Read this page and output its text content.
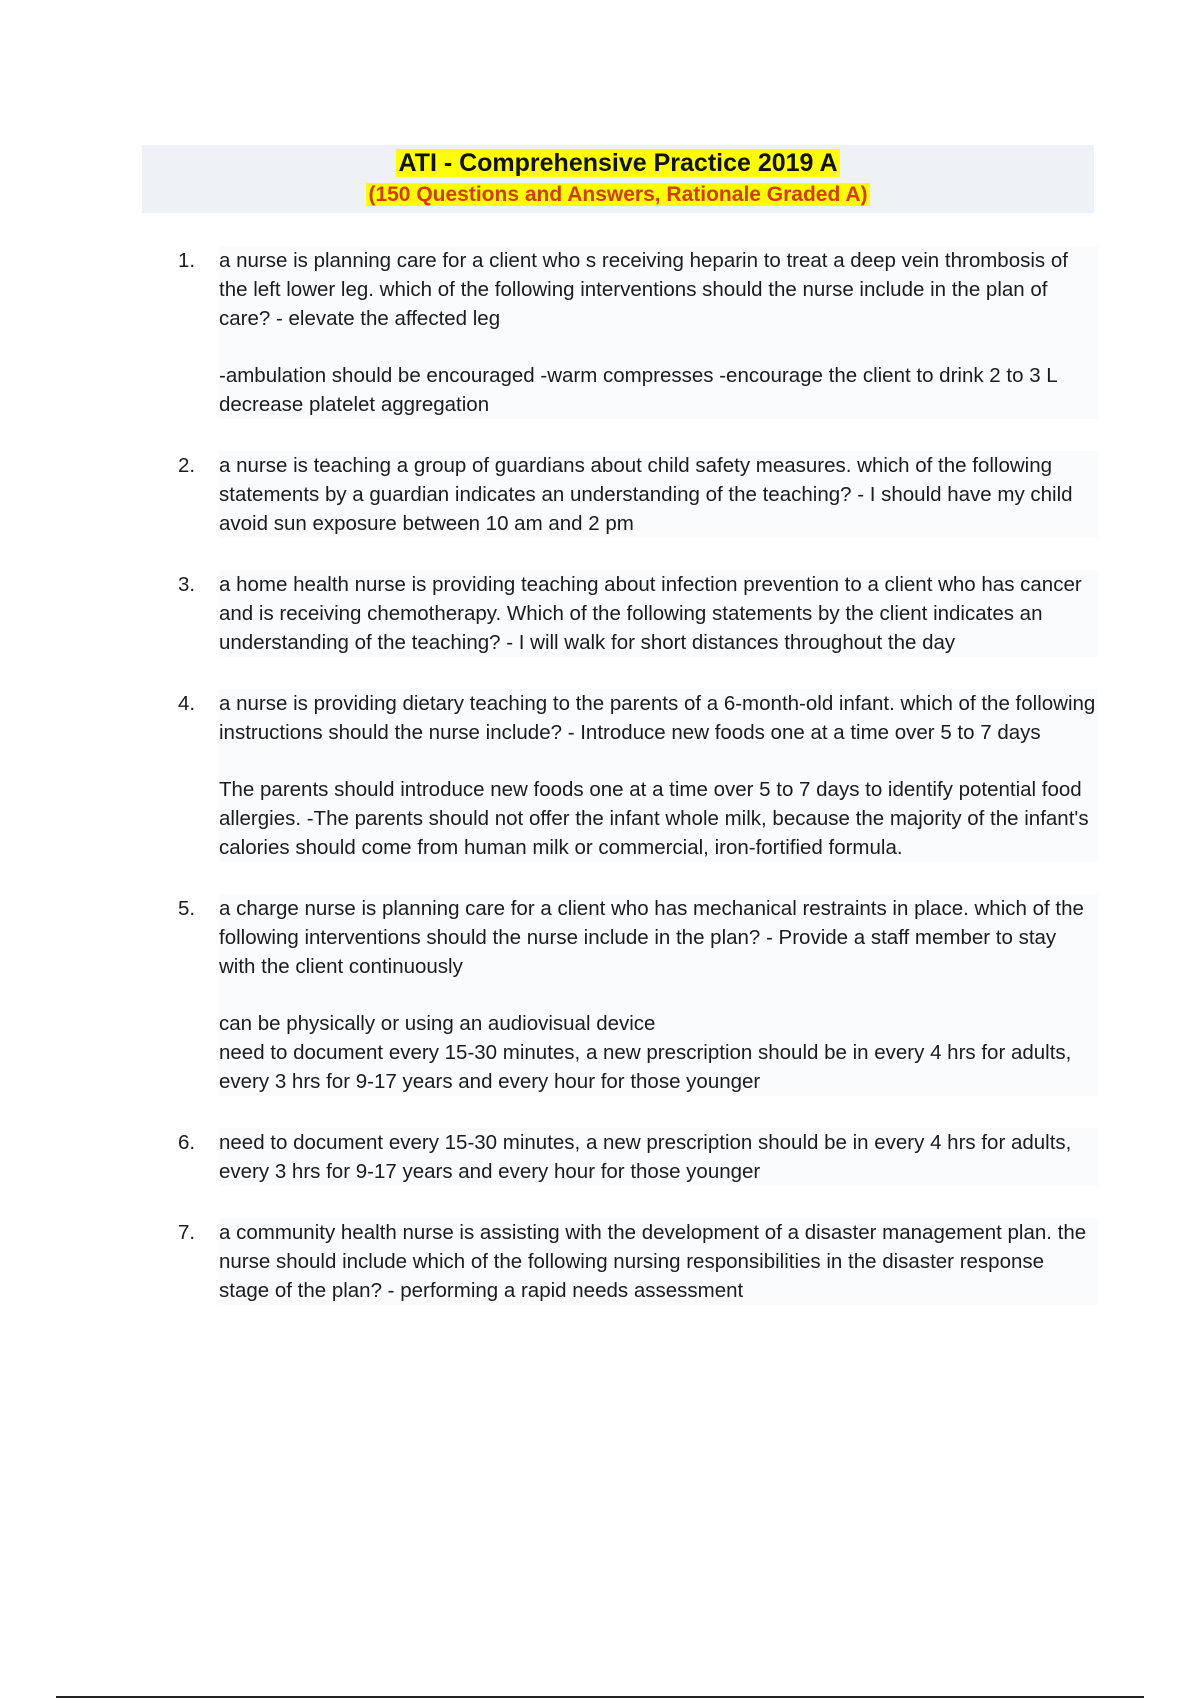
ATI - Comprehensive Practice 2019 A
(150 Questions and Answers, Rationale Graded A)
1.	a nurse is planning care for a client who s receiving heparin to treat a deep vein thrombosis of the left lower leg. which of the following interventions should the nurse include in the plan of care? - elevate the affected leg

-ambulation should be encouraged -warm compresses -encourage the client to drink 2 to 3 L decrease platelet aggregation

2.	a nurse is teaching a group of guardians about child safety measures. which of the following statements by a guardian indicates an understanding of the teaching? - I should have my child avoid sun exposure between 10 am and 2 pm

3.	a home health nurse is providing teaching about infection prevention to a client who has cancer and is receiving chemotherapy. Which of the following statements by the client indicates an understanding of the teaching? - I will walk for short distances throughout the day

4.	a nurse is providing dietary teaching to the parents of a 6-month-old infant. which of the following instructions should the nurse include? - Introduce new foods one at a time over 5 to 7 days

The parents should introduce new foods one at a time over 5 to 7 days to identify potential food allergies. -The parents should not offer the infant whole milk, because the majority of the infant's calories should come from human milk or commercial, iron-fortified formula.

5.	a charge nurse is planning care for a client who has mechanical restraints in place. which of the following interventions should the nurse include in the plan? - Provide a staff member to stay with the client continuously

can be physically or using an audiovisual device
need to document every 15-30 minutes, a new prescription should be in every 4 hrs for adults, every 3 hrs for 9-17 years and every hour for those younger

6.	need to document every 15-30 minutes, a new prescription should be in every 4 hrs for adults, every 3 hrs for 9-17 years and every hour for those younger

7.	a community health nurse is assisting with the development of a disaster management plan. the nurse should include which of the following nursing responsibilities in the disaster response stage of the plan? - performing a rapid needs assessment
